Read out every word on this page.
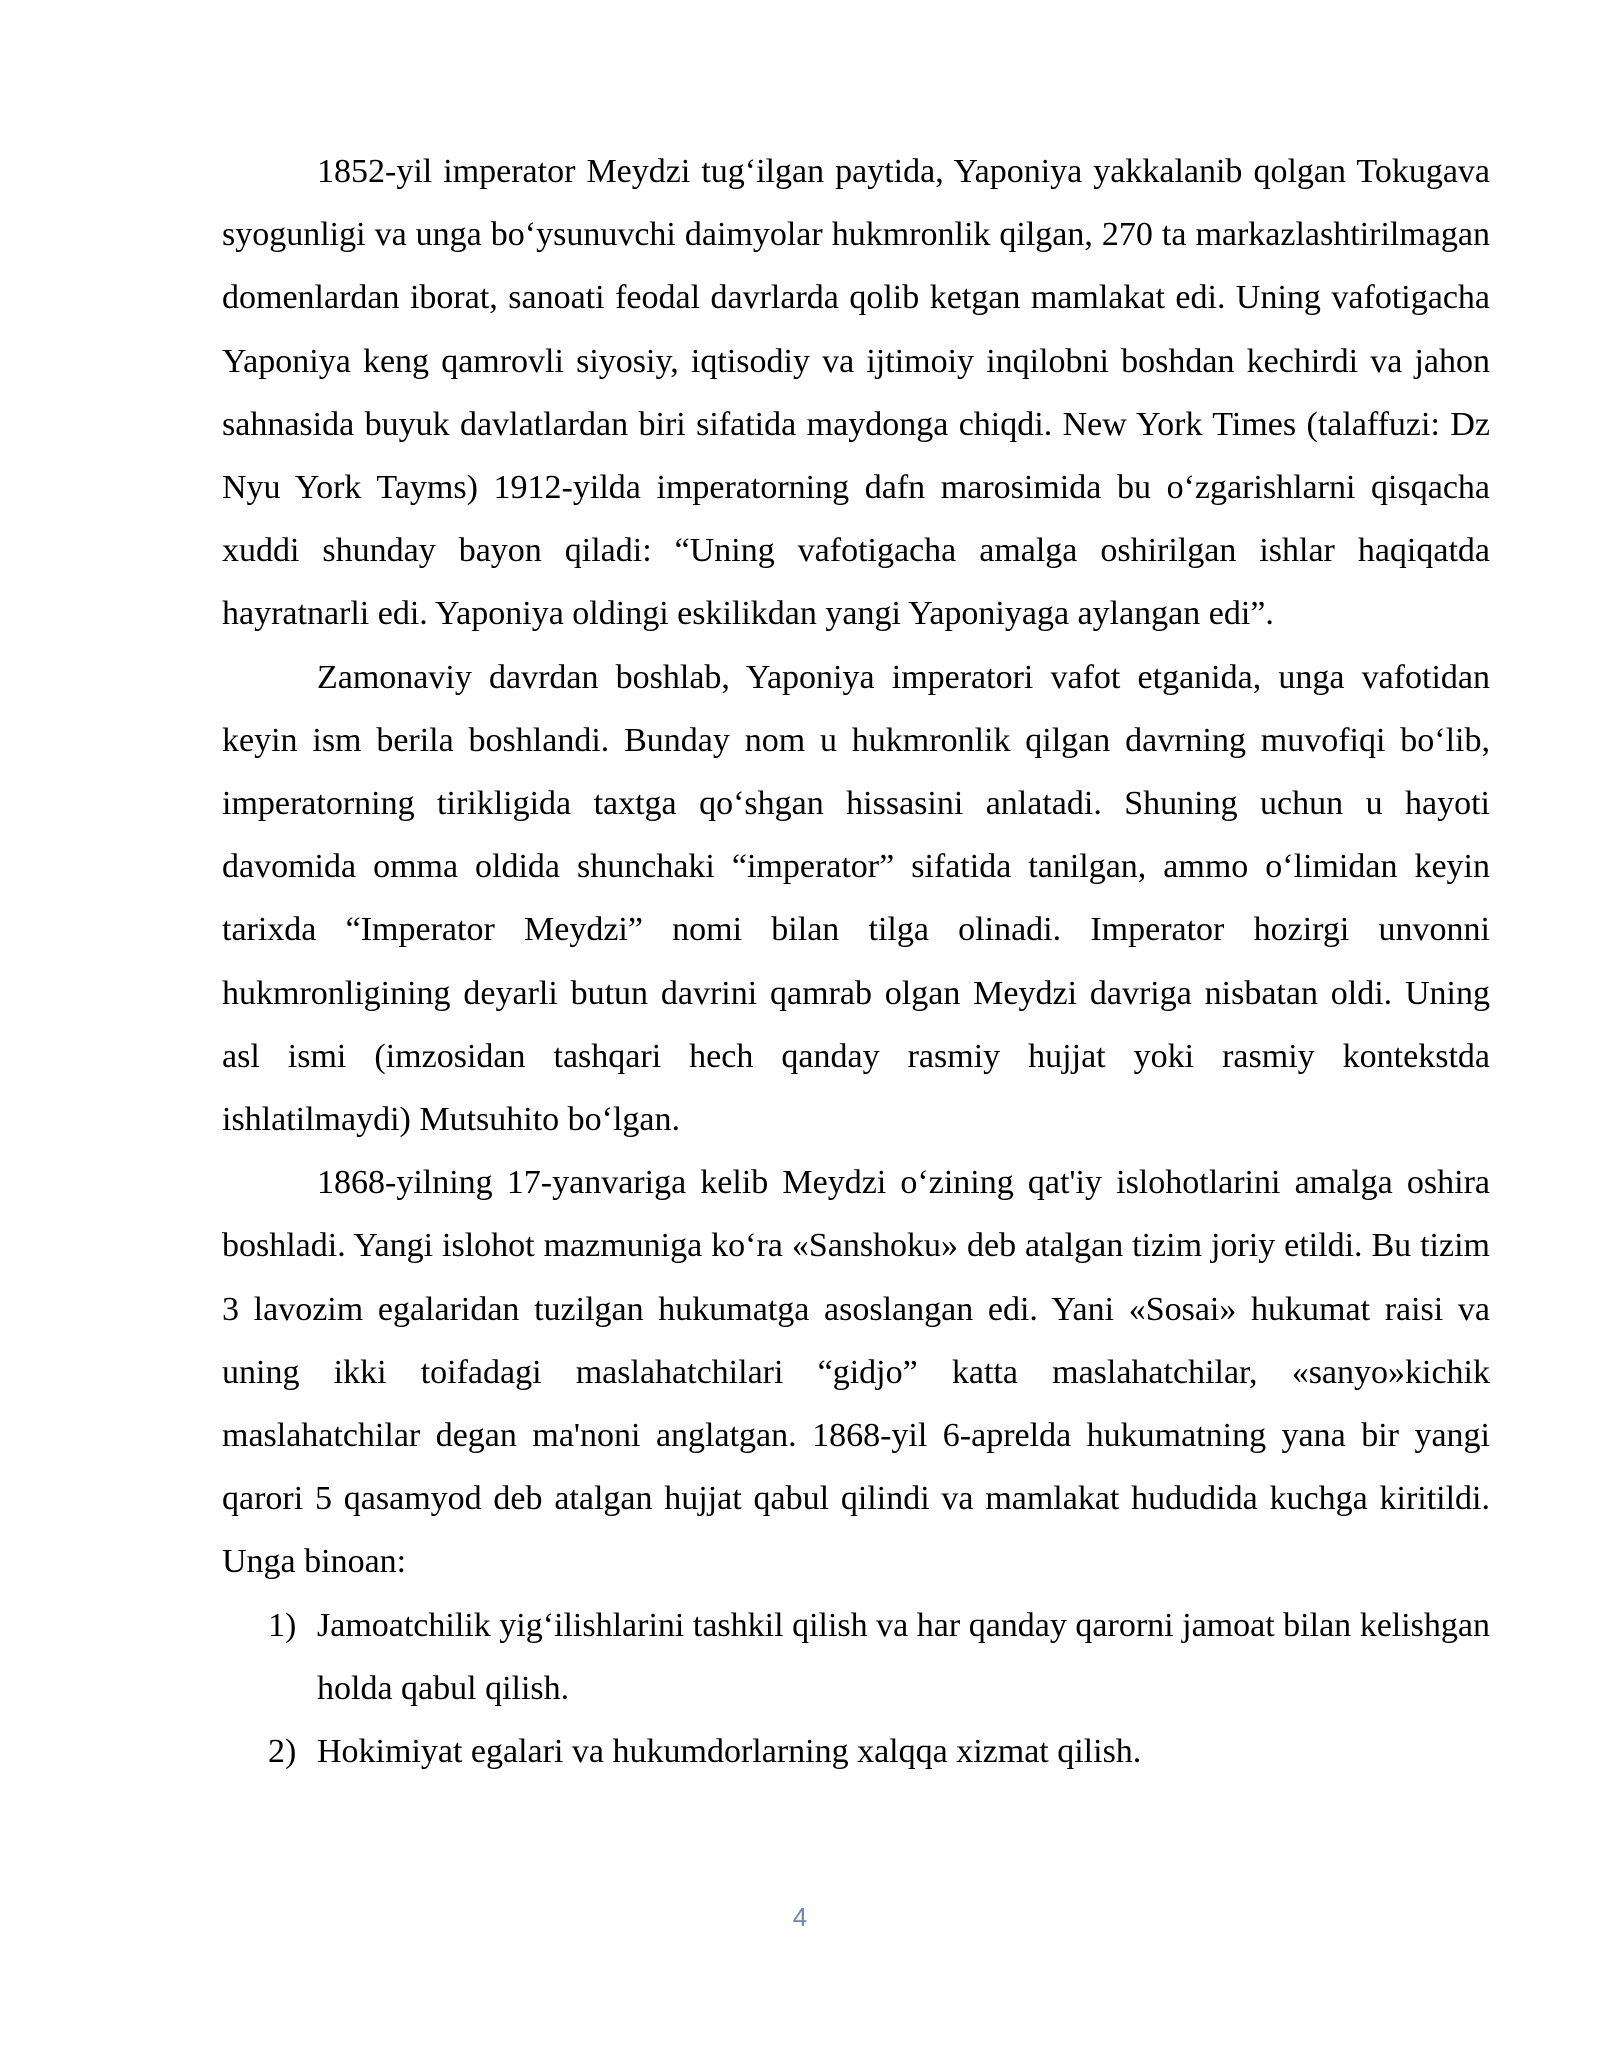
1852-yil imperator Meydzi tug‘ilgan paytida, Yaponiya yakkalanib qolgan Tokugava syogunligi va unga bo‘ysunuvchi daimyolar hukmronlik qilgan, 270 ta markazlashtirilmagan domenlardan iborat, sanoati feodal davrlarda qolib ketgan mamlakat edi. Uning vafotigacha Yaponiya keng qamrovli siyosiy, iqtisodiy va ijtimoiy inqilobni boshdan kechirdi va jahon sahnasida buyuk davlatlardan biri sifatida maydonga chiqdi. New York Times (talaffuzi: Dz Nyu York Tayms) 1912-yilda imperatorning dafn marosimida bu o‘zgarishlarni qisqacha xuddi shunday bayon qiladi: “Uning vafotigacha amalga oshirilgan ishlar haqiqatda hayratnarli edi. Yaponiya oldingi eskilikdan yangi Yaponiyaga aylangan edi”.

Zamonaviy davrdan boshlab, Yaponiya imperatori vafot etganida, unga vafotidan keyin ism berila boshlandi. Bunday nom u hukmronlik qilgan davrning muvofiqi bo‘lib, imperatorning tirikligida taxtga qo‘shgan hissasini anlatadi. Shuning uchun u hayoti davomida omma oldida shunchaki “imperator” sifatida tanilgan, ammo o‘limidan keyin tarixda “Imperator Meydzi” nomi bilan tilga olinadi. Imperator hozirgi unvonni hukmronligining deyarli butun davrini qamrab olgan Meydzi davriga nisbatan oldi. Uning asl ismi (imzosidan tashqari hech qanday rasmiy hujjat yoki rasmiy kontekstda ishlatilmaydi) Mutsuhito bo‘lgan.

1868-yilning 17-yanvariga kelib Meydzi o‘zining qat'iy islohotlarini amalga oshira boshladi. Yangi islohot mazmuniga ko‘ra «Sanshoku» deb atalgan tizim joriy etildi. Bu tizim 3 lavozim egalaridan tuzilgan hukumatga asoslangan edi. Yani «Sosai» hukumat raisi va uning ikki toifadagi maslahatchilari “gidjo” katta maslahatchilar, «sanyo»kichik maslahatchilar degan ma'noni anglatgan. 1868-yil 6-aprelda hukumatning yana bir yangi qarori 5 qasamyod deb atalgan hujjat qabul qilindi va mamlakat hududida kuchga kiritildi. Unga binoan:

1) Jamoatchilik yig‘ilishlarini tashkil qilish va har qanday qarorni jamoat bilan kelishgan holda qabul qilish.
2) Hokimiyat egalari va hukumdorlarning xalqqa xizmat qilish.
4
